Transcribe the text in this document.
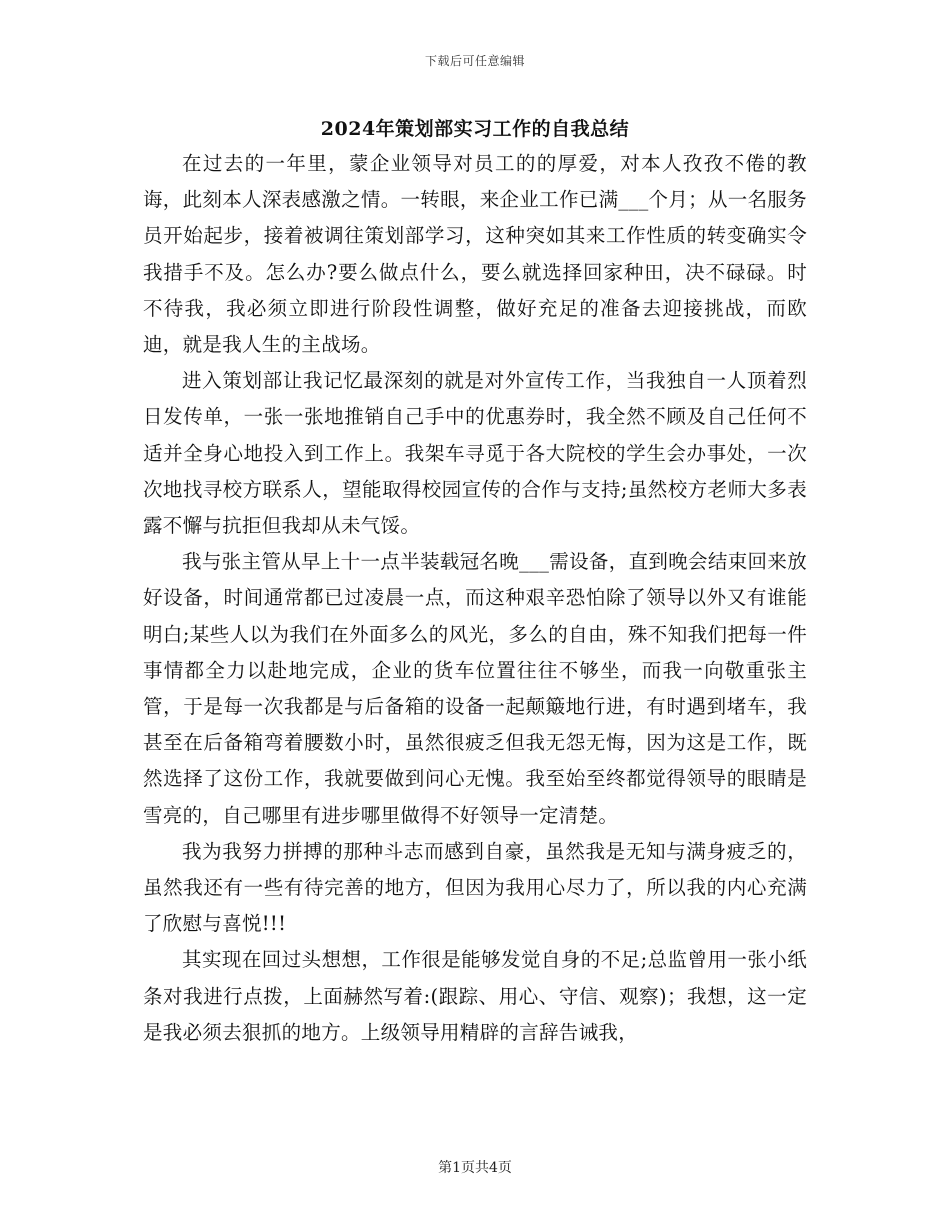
下载后可任意编辑
2024年策划部实习工作的自我总结

在过去的一年里，蒙企业领导对员工的的厚爱，对本人孜孜不倦的教诲，此刻本人深表感激之情。一转眼，来企业工作已满___个月；从一名服务员开始起步，接着被调往策划部学习，这种突如其来工作性质的转变确实令我措手不及。怎么办?要么做点什么，要么就选择回家种田，决不碌碌。时不待我，我必须立即进行阶段性调整，做好充足的准备去迎接挑战，而欧迪，就是我人生的主战场。

进入策划部让我记忆最深刻的就是对外宣传工作，当我独自一人顶着烈日发传单，一张一张地推销自己手中的优惠券时，我全然不顾及自己任何不适并全身心地投入到工作上。我架车寻觅于各大院校的学生会办事处，一次次地找寻校方联系人，望能取得校园宣传的合作与支持;虽然校方老师大多表露不懈与抗拒但我却从未气馁。

我与张主管从早上十一点半装载冠名晚___需设备，直到晚会结束回来放好设备，时间通常都已过凌晨一点，而这种艰辛恐怕除了领导以外又有谁能明白;某些人以为我们在外面多么的风光，多么的自由，殊不知我们把每一件事情都全力以赴地完成，企业的货车位置往往不够坐，而我一向敬重张主管，于是每一次我都是与后备箱的设备一起颠簸地行进，有时遇到堵车，我甚至在后备箱弯着腰数小时，虽然很疲乏但我无怨无悔，因为这是工作，既然选择了这份工作，我就要做到问心无愧。我至始至终都觉得领导的眼睛是雪亮的，自己哪里有进步哪里做得不好领导一定清楚。

我为我努力拼搏的那种斗志而感到自豪，虽然我是无知与满身疲乏的，虽然我还有一些有待完善的地方，但因为我用心尽力了，所以我的内心充满了欣慰与喜悦!!!

其实现在回过头想想，工作很是能够发觉自身的不足;总监曾用一张小纸条对我进行点拨，上面赫然写着:(跟踪、用心、守信、观察)；我想，这一定是我必须去狠抓的地方。上级领导用精辟的言辞告诫我，

第1页共4页
